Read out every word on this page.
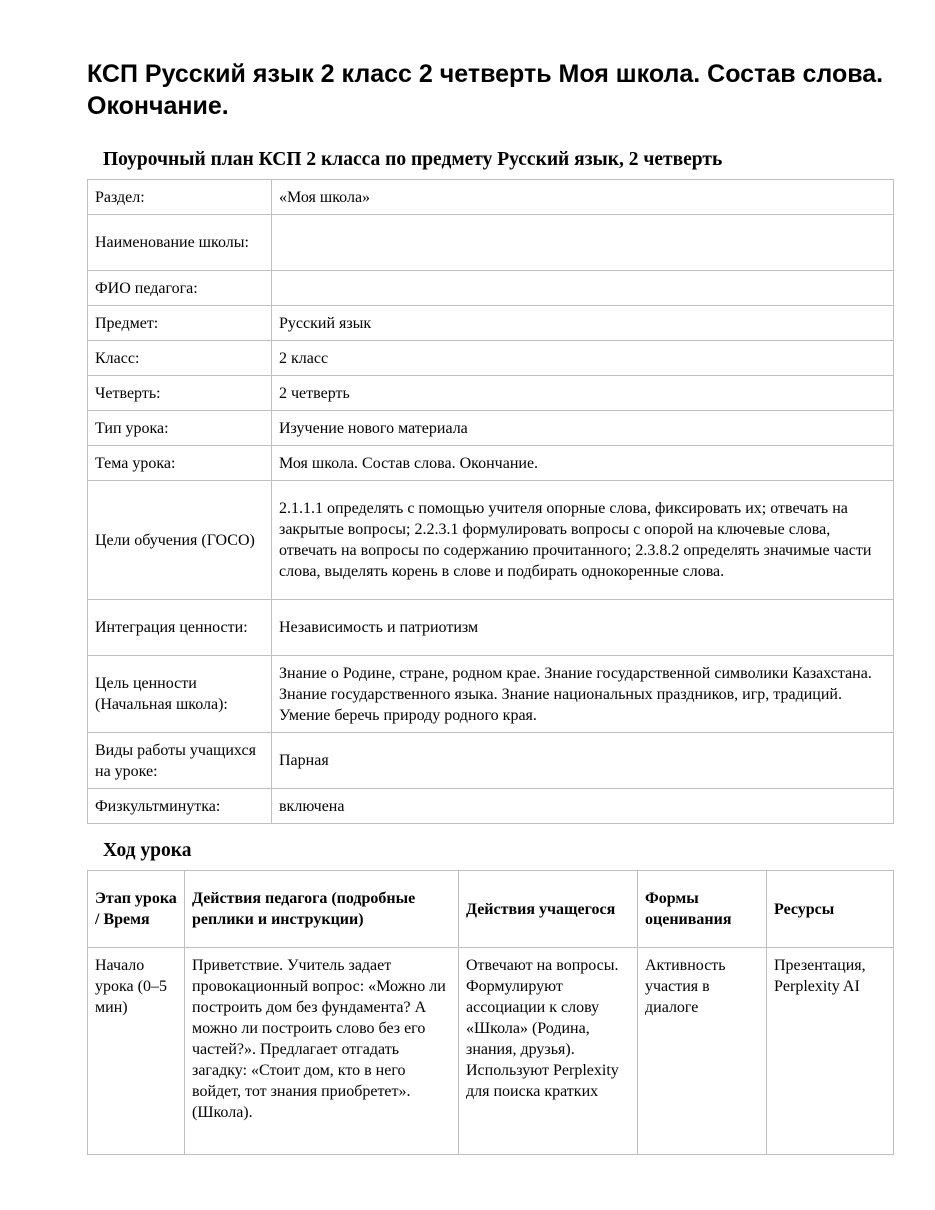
КСП Русский язык 2 класс 2 четверть Моя школа. Состав слова. Окончание.
Поурочный план КСП 2 класса по предмету Русский язык, 2 четверть
Раздел:	«Моя школа»
Наименование школы:	
ФИО педагога:	
Предмет:	Русский язык
Класс:	2 класс
Четверть:	2 четверть
Тип урока:	Изучение нового материала
Тема урока:	Моя школа. Состав слова. Окончание.
Цели обучения (ГОСО)	2.1.1.1 определять с помощью учителя опорные слова, фиксировать их; отвечать на закрытые вопросы; 2.2.3.1 формулировать вопросы с опорой на ключевые слова, отвечать на вопросы по содержанию прочитанного; 2.3.8.2 определять значимые части слова, выделять корень в слове и подбирать однокоренные слова.
Интеграция ценности:	Независимость и патриотизм
Цель ценности (Начальная школа):	Знание о Родине, стране, родном крае. Знание государственной символики Казахстана. Знание государственного языка. Знание национальных праздников, игр, традиций. Умение беречь природу родного края.
Виды работы учащихся на уроке:	Парная
Физкультминутка:	включена
Ход урока
Этап урока / Время	Действия педагога (подробные реплики и инструкции)	Действия учащегося	Формы оценивания	Ресурсы
Начало урока (0–5 мин)	Приветствие. Учитель задает провокационный вопрос: «Можно ли построить дом без фундамента? А можно ли построить слово без его частей?». Предлагает отгадать загадку: «Стоит дом, кто в него войдет, тот знания приобретет». (Школа).	Отвечают на вопросы. Формулируют ассоциации к слову «Школа» (Родина, знания, друзья). Используют Perplexity для поиска кратких	Активность участия в диалоге	Презентация, Perplexity AI
